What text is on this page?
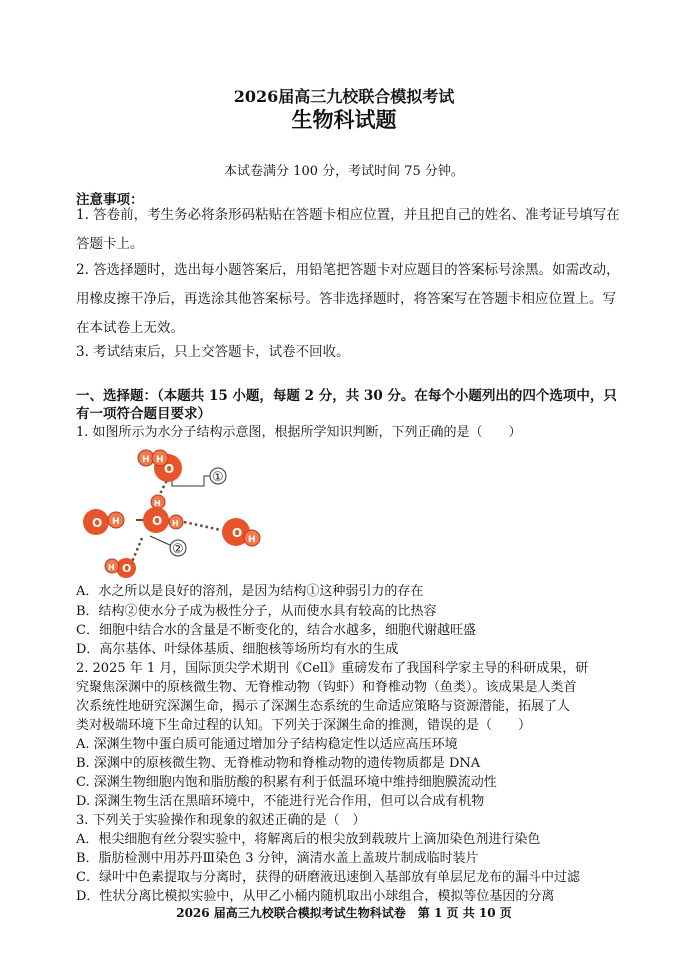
2026届高三九校联合模拟考试
生物科试题
本试卷满分 100 分，考试时间 75 分钟。
注意事项：
1. 答卷前，考生务必将条形码粘贴在答题卡相应位置，并且把自己的姓名、准考证号填写在答题卡上。
2. 答选择题时，选出每小题答案后，用铅笔把答题卡对应题目的答案标号涂黑。如需改动，用橡皮擦干净后，再选涂其他答案标号。答非选择题时，将答案写在答题卡相应位置上。写在本试卷上无效。
3. 考试结束后，只上交答题卡，试卷不回收。
一、选择题：（本题共 15 小题，每题 2 分，共 30 分。在每个小题列出的四个选项中，只有一项符合题目要求）
1. 如图所示为水分子结构示意图，根据所学知识判断，下列正确的是（　　）
H H
O
H
O H
O H
O H
O
H
①
②
A．水之所以是良好的溶剂，是因为结构①这种弱引力的存在
B．结构②使水分子成为极性分子，从而使水具有较高的比热容
C．细胞中结合水的含量是不断变化的，结合水越多，细胞代谢越旺盛
D．高尔基体、叶绿体基质、细胞核等场所均有水的生成
2. 2025 年 1 月，国际顶尖学术期刊《Cell》重磅发布了我国科学家主导的科研成果，研
究聚焦深渊中的原核微生物、无脊椎动物（钩虾）和脊椎动物（鱼类）。该成果是人类首
次系统性地研究深渊生命，揭示了深渊生态系统的生命适应策略与资源潜能，拓展了人
类对极端环境下生命过程的认知。下列关于深渊生命的推测，错误的是（　　）
A. 深渊生物中蛋白质可能通过增加分子结构稳定性以适应高压环境
B. 深渊中的原核微生物、无脊椎动物和脊椎动物的遗传物质都是 DNA
C. 深渊生物细胞内饱和脂肪酸的积累有利于低温环境中维持细胞膜流动性
D. 深渊生物生活在黑暗环境中，不能进行光合作用，但可以合成有机物
3. 下列关于实验操作和现象的叙述正确的是（　）
A．根尖细胞有丝分裂实验中，将解离后的根尖放到载玻片上滴加染色剂进行染色
B．脂肪检测中用苏丹Ⅲ染色 3 分钟，滴清水盖上盖玻片制成临时装片
C．绿叶中色素提取与分离时，获得的研磨液迅速倒入基部放有单层尼龙布的漏斗中过滤
D．性状分离比模拟实验中，从甲乙小桶内随机取出小球组合，模拟等位基因的分离
2026 届高三九校联合模拟考试生物科试卷　第 1 页 共 10 页
